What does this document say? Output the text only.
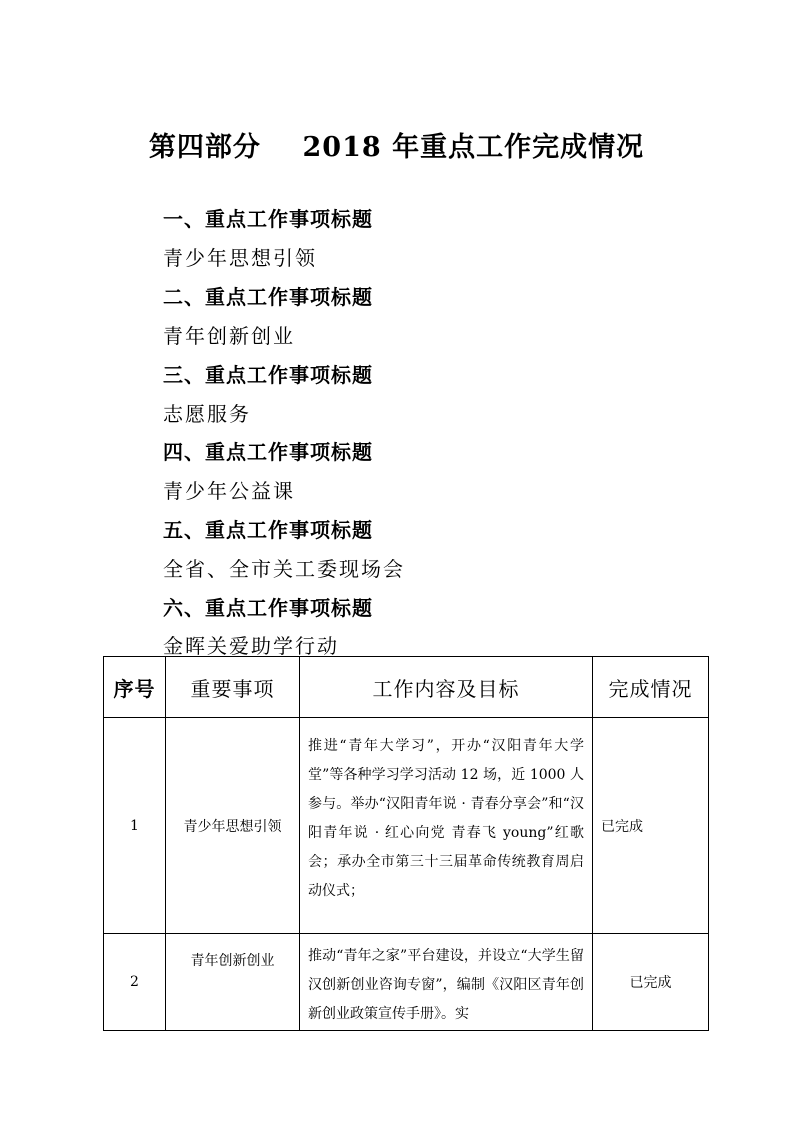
第四部分    2018 年重点工作完成情况
一、重点工作事项标题
青少年思想引领
二、重点工作事项标题
青年创新创业
三、重点工作事项标题
志愿服务
四、重点工作事项标题
青少年公益课
五、重点工作事项标题
全省、全市关工委现场会
六、重点工作事项标题
金晖关爱助学行动
序号	重要事项	工作内容及目标	完成情况
1	青少年思想引领	推进“青年大学习”，开办“汉阳青年大学堂”等各种学习学习活动 12 场，近 1000 人参与。举办“汉阳青年说 · 青春分享会”和“汉阳青年说 · 红心向党 青春飞 young”红歌会；承办全市第三十三届革命传统教育周启动仪式；	已完成
2	青年创新创业	推动“青年之家”平台建设，并设立“大学生留汉创新创业咨询专窗”，编制《汉阳区青年创新创业政策宣传手册》。实	已完成
